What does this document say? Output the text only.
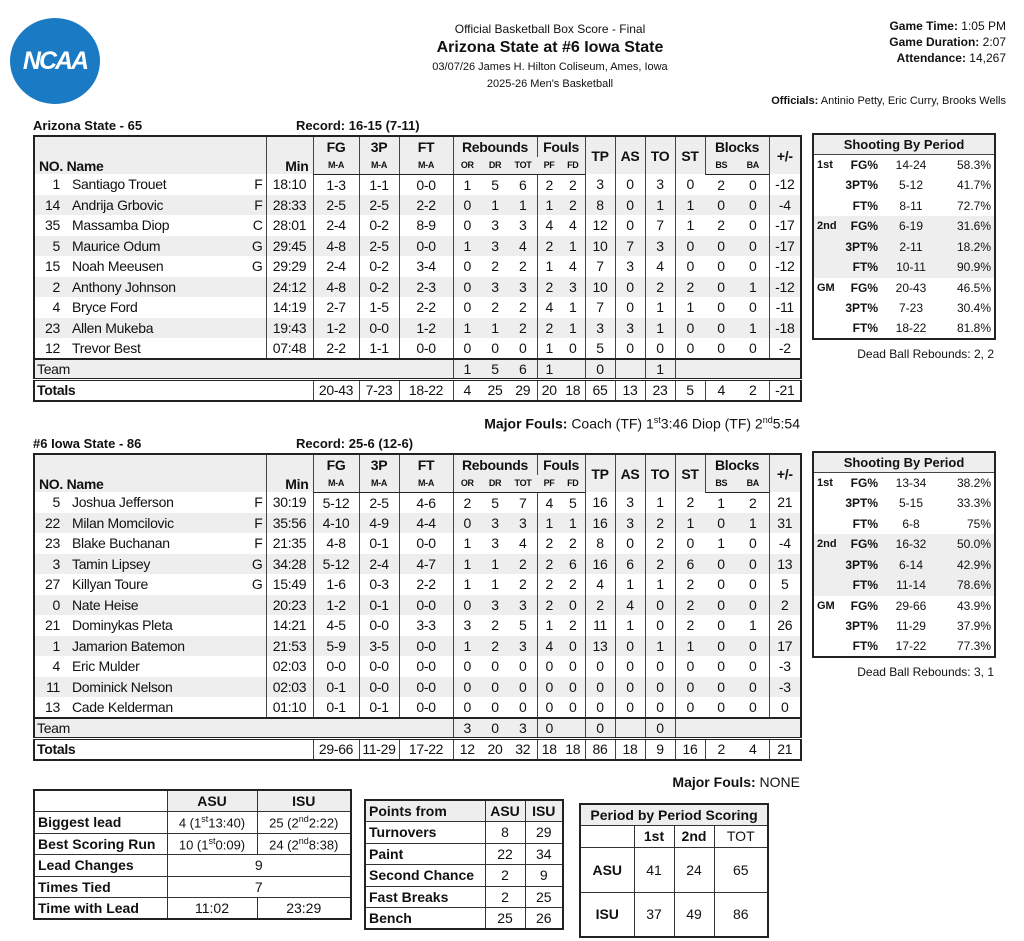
NCAA
Official Basketball Box Score - Final
Arizona State at #6 Iowa State
03/07/26 James H. Hilton Coliseum, Ames, Iowa
2025-26 Men's Basketball
Game Time: 1:05 PM
Game Duration: 2:07
Attendance: 14,267
Officials: Antinio Petty, Eric Curry, Brooks Wells
Arizona State - 65	Record: 16-15 (7-11)
NO. Name		Min	FG	3P	FT	Rebounds			Fouls		TP	AS	TO	ST	Blocks		+/-
			M-A	M-A	M-A	OR	DR	TOT	PF	FD					BS	BA	
1	Santiago Trouet F	18:10	1-3	1-1	0-0	1	5	6	2	2	3	0	3	0	2	0	-12
14	Andrija Grbovic F	28:33	2-5	2-5	2-2	0	1	1	1	2	8	0	1	1	0	0	-4
35	Massamba Diop C	28:01	2-4	0-2	8-9	0	3	3	4	4	12	0	7	1	2	0	-17
5	Maurice Odum G	29:45	4-8	2-5	0-0	1	3	4	2	1	10	7	3	0	0	0	-17
15	Noah Meeusen G	29:29	2-4	0-2	3-4	0	2	2	1	4	7	3	4	0	0	0	-12
2	Anthony Johnson	24:12	4-8	0-2	2-3	0	3	3	2	3	10	0	2	2	0	1	-12
4	Bryce Ford	14:19	2-7	1-5	2-2	0	2	2	4	1	7	0	1	1	0	0	-11
23	Allen Mukeba	19:43	1-2	0-0	1-2	1	1	2	2	1	3	3	1	0	0	1	-18
12	Trevor Best	07:48	2-2	1-1	0-0	0	0	0	1	0	5	0	0	0	0	0	-2
Team						1	5	6	1		0		1				
Totals			20-43	7-23	18-22	4	25	29	20	18	65	13	23	5	4	2	-21
Major Fouls: Coach (TF) 1st3:46 Diop (TF) 2nd5:54
Shooting By Period			
1st	FG%	14-24	58.3%
	3PT%	5-12	41.7%
	FT%	8-11	72.7%
2nd	FG%	6-19	31.6%
	3PT%	2-11	18.2%
	FT%	10-11	90.9%
GM	FG%	20-43	46.5%
	3PT%	7-23	30.4%
	FT%	18-22	81.8%
Dead Ball Rebounds: 2, 2
#6 Iowa State - 86	Record: 25-6 (12-6)
NO. Name		Min	FG	3P	FT	Rebounds			Fouls		TP	AS	TO	ST	Blocks		+/-
			M-A	M-A	M-A	OR	DR	TOT	PF	FD					BS	BA	
5	Joshua Jefferson F	30:19	5-12	2-5	4-6	2	5	7	4	5	16	3	1	2	1	2	21
22	Milan Momcilovic F	35:56	4-10	4-9	4-4	0	3	3	1	1	16	3	2	1	0	1	31
23	Blake Buchanan F	21:35	4-8	0-1	0-0	1	3	4	2	2	8	0	2	0	1	0	-4
3	Tamin Lipsey G	34:28	5-12	2-4	4-7	1	1	2	2	6	16	6	2	6	0	0	13
27	Killyan Toure G	15:49	1-6	0-3	2-2	1	1	2	2	2	4	1	1	2	0	0	5
0	Nate Heise	20:23	1-2	0-1	0-0	0	3	3	2	0	2	4	0	2	0	0	2
21	Dominykas Pleta	14:21	4-5	0-0	3-3	3	2	5	1	2	11	1	0	2	0	1	26
1	Jamarion Batemon	21:53	5-9	3-5	0-0	1	2	3	4	0	13	0	1	1	0	0	17
4	Eric Mulder	02:03	0-0	0-0	0-0	0	0	0	0	0	0	0	0	0	0	0	-3
11	Dominick Nelson	02:03	0-1	0-0	0-0	0	0	0	0	0	0	0	0	0	0	0	-3
13	Cade Kelderman	01:10	0-1	0-1	0-0	0	0	0	0	0	0	0	0	0	0	0	0
Team						3	0	3	0		0		0				
Totals			29-66	11-29	17-22	12	20	32	18	18	86	18	9	16	2	4	21
Major Fouls: NONE
Shooting By Period			
1st	FG%	13-34	38.2%
	3PT%	5-15	33.3%
	FT%	6-8	75%
2nd	FG%	16-32	50.0%
	3PT%	6-14	42.9%
	FT%	11-14	78.6%
GM	FG%	29-66	43.9%
	3PT%	11-29	37.9%
	FT%	17-22	77.3%
Dead Ball Rebounds: 3, 1
	ASU	ISU
Biggest lead	4 (1st13:40)	25 (2nd2:22)
Best Scoring Run	10 (1st0:09)	24 (2nd8:38)
Lead Changes	9	
Times Tied	7	
Time with Lead	11:02	23:29
Points from	ASU	ISU
Turnovers	8	29
Paint	22	34
Second Chance	2	9
Fast Breaks	2	25
Bench	25	26
Period by Period Scoring			
	1st	2nd	TOT
ASU	41	24	65
ISU	37	49	86
